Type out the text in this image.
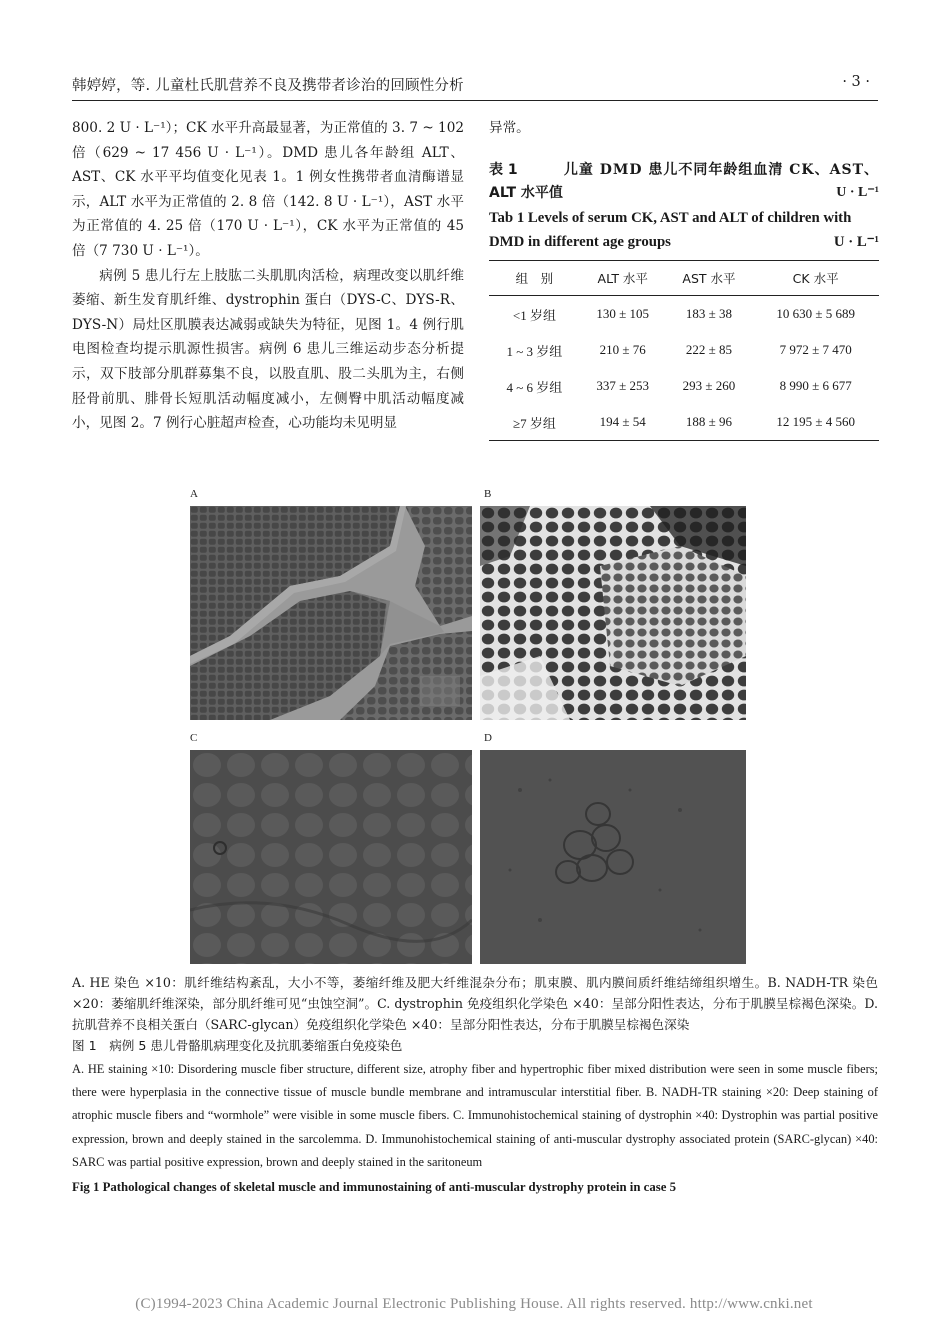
韩婷婷，等. 儿童杜氏肌营养不良及携带者诊治的回顾性分析	· 3 ·

800. 2 U · L⁻¹）；CK 水平升高最显著，为正常值的 3. 7 ~ 102 倍（629 ~ 17 456 U · L⁻¹）。DMD 患儿各年龄组 ALT、AST、CK 水平平均值变化见表 1。1 例女性携带者血清酶谱显示，ALT 水平为正常值的 2. 8 倍（142. 8 U · L⁻¹），AST 水平为正常值的 4. 25 倍（170 U · L⁻¹），CK 水平为正常值的 45 倍（7 730 U · L⁻¹）。

病例 5 患儿行左上肢肱二头肌肌肉活检，病理改变以肌纤维萎缩、新生发育肌纤维、dystrophin 蛋白（DYS-C、DYS-R、DYS-N）局灶区肌膜表达减弱或缺失为特征，见图 1。4 例行肌电图检查均提示肌源性损害。病例 6 患儿三维运动步态分析提示，双下肢部分肌群募集不良，以股直肌、股二头肌为主，右侧胫骨前肌、腓骨长短肌活动幅度减小，左侧臀中肌活动幅度减小，见图 2。7 例行心脏超声检查，心功能均未见明显

异常。

表 1	儿童 DMD 患儿不同年龄组血清 CK、AST、
ALT 水平值	U · L⁻¹
Tab 1 Levels of serum CK, AST and ALT of children with DMD in different age groups	U · L⁻¹
组　别	ALT 水平	AST 水平	CK 水平
<1 岁组	130 ± 105	183 ± 38	10 630 ± 5 689
1 ~ 3 岁组	210 ± 76	222 ± 85	7 972 ± 7 470
4 ~ 6 岁组	337 ± 253	293 ± 260	8 990 ± 6 677
≥7 岁组	194 ± 54	188 ± 96	12 195 ± 4 560
A	B
C	D

A. HE 染色 ×10：肌纤维结构紊乱，大小不等，萎缩纤维及肥大纤维混杂分布；肌束膜、肌内膜间质纤维结缔组织增生。B. NADH-TR 染色 ×20：萎缩肌纤维深染，部分肌纤维可见“虫蚀空洞”。C. dystrophin 免疫组织化学染色 ×40：呈部分阳性表达，分布于肌膜呈棕褐色深染。D. 抗肌营养不良相关蛋白（SARC-glycan）免疫组织化学染色 ×40：呈部分阳性表达，分布于肌膜呈棕褐色深染

图 1　病例 5 患儿骨骼肌病理变化及抗肌萎缩蛋白免疫染色

A. HE staining ×10: Disordering muscle fiber structure, different size, atrophy fiber and hypertrophic fiber mixed distribution were seen in some muscle fibers; there were hyperplasia in the connective tissue of muscle bundle membrane and intramuscular interstitial fiber. B. NADH-TR staining ×20: Deep staining of atrophic muscle fibers and “wormhole” were visible in some muscle fibers. C. Immunohistochemical staining of dystrophin ×40: Dystrophin was partial positive expression, brown and deeply stained in the sarcolemma. D. Immunohistochemical staining of anti-muscular dystrophy associated protein (SARC-glycan) ×40: SARC was partial positive expression, brown and deeply stained in the saritoneum

Fig 1 Pathological changes of skeletal muscle and immunostaining of anti-muscular dystrophy protein in case 5

(C)1994-2023 China Academic Journal Electronic Publishing House. All rights reserved. http://www.cnki.net
